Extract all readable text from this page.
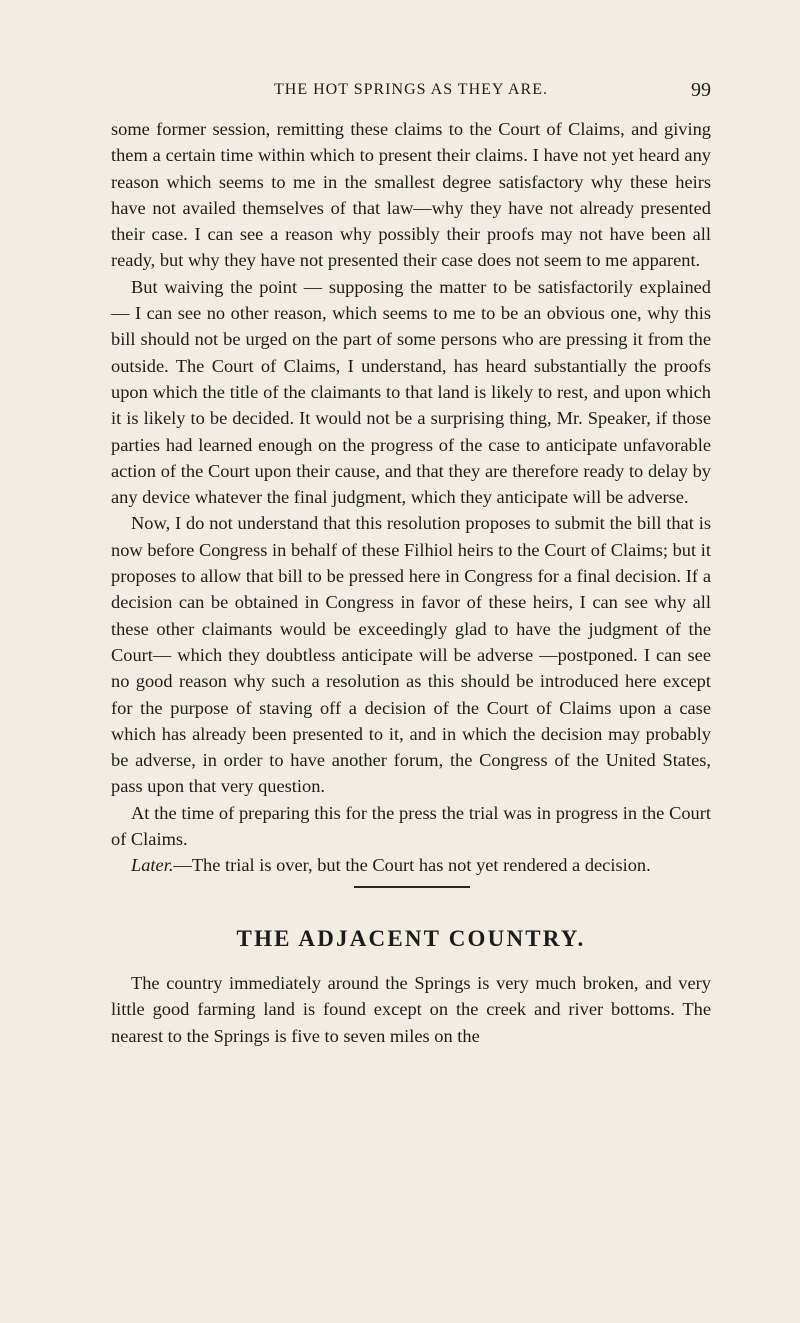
THE HOT SPRINGS AS THEY ARE.	99

some former session, remitting these claims to the Court of Claims, and giving them a certain time within which to present their claims. I have not yet heard any reason which seems to me in the smallest degree satisfactory why these heirs have not availed themselves of that law—why they have not already presented their case. I can see a reason why possibly their proofs may not have been all ready, but why they have not presented their case does not seem to me apparent.

But waiving the point — supposing the matter to be satisfactorily explained — I can see no other reason, which seems to me to be an obvious one, why this bill should not be urged on the part of some persons who are pressing it from the outside. The Court of Claims, I understand, has heard substantially the proofs upon which the title of the claimants to that land is likely to rest, and upon which it is likely to be decided. It would not be a surprising thing, Mr. Speaker, if those parties had learned enough on the progress of the case to anticipate unfavorable action of the Court upon their cause, and that they are therefore ready to delay by any device whatever the final judgment, which they anticipate will be adverse.

Now, I do not understand that this resolution proposes to submit the bill that is now before Congress in behalf of these Filhiol heirs to the Court of Claims; but it proposes to allow that bill to be pressed here in Congress for a final decision. If a decision can be obtained in Congress in favor of these heirs, I can see why all these other claimants would be exceedingly glad to have the judgment of the Court— which they doubtless anticipate will be adverse —postponed. I can see no good reason why such a resolution as this should be introduced here except for the purpose of staving off a decision of the Court of Claims upon a case which has already been presented to it, and in which the decision may probably be adverse, in order to have another forum, the Congress of the United States, pass upon that very question.

At the time of preparing this for the press the trial was in progress in the Court of Claims.

Later.—The trial is over, but the Court has not yet rendered a decision.

THE ADJACENT COUNTRY.

The country immediately around the Springs is very much broken, and very little good farming land is found except on the creek and river bottoms. The nearest to the Springs is five to seven miles on the
